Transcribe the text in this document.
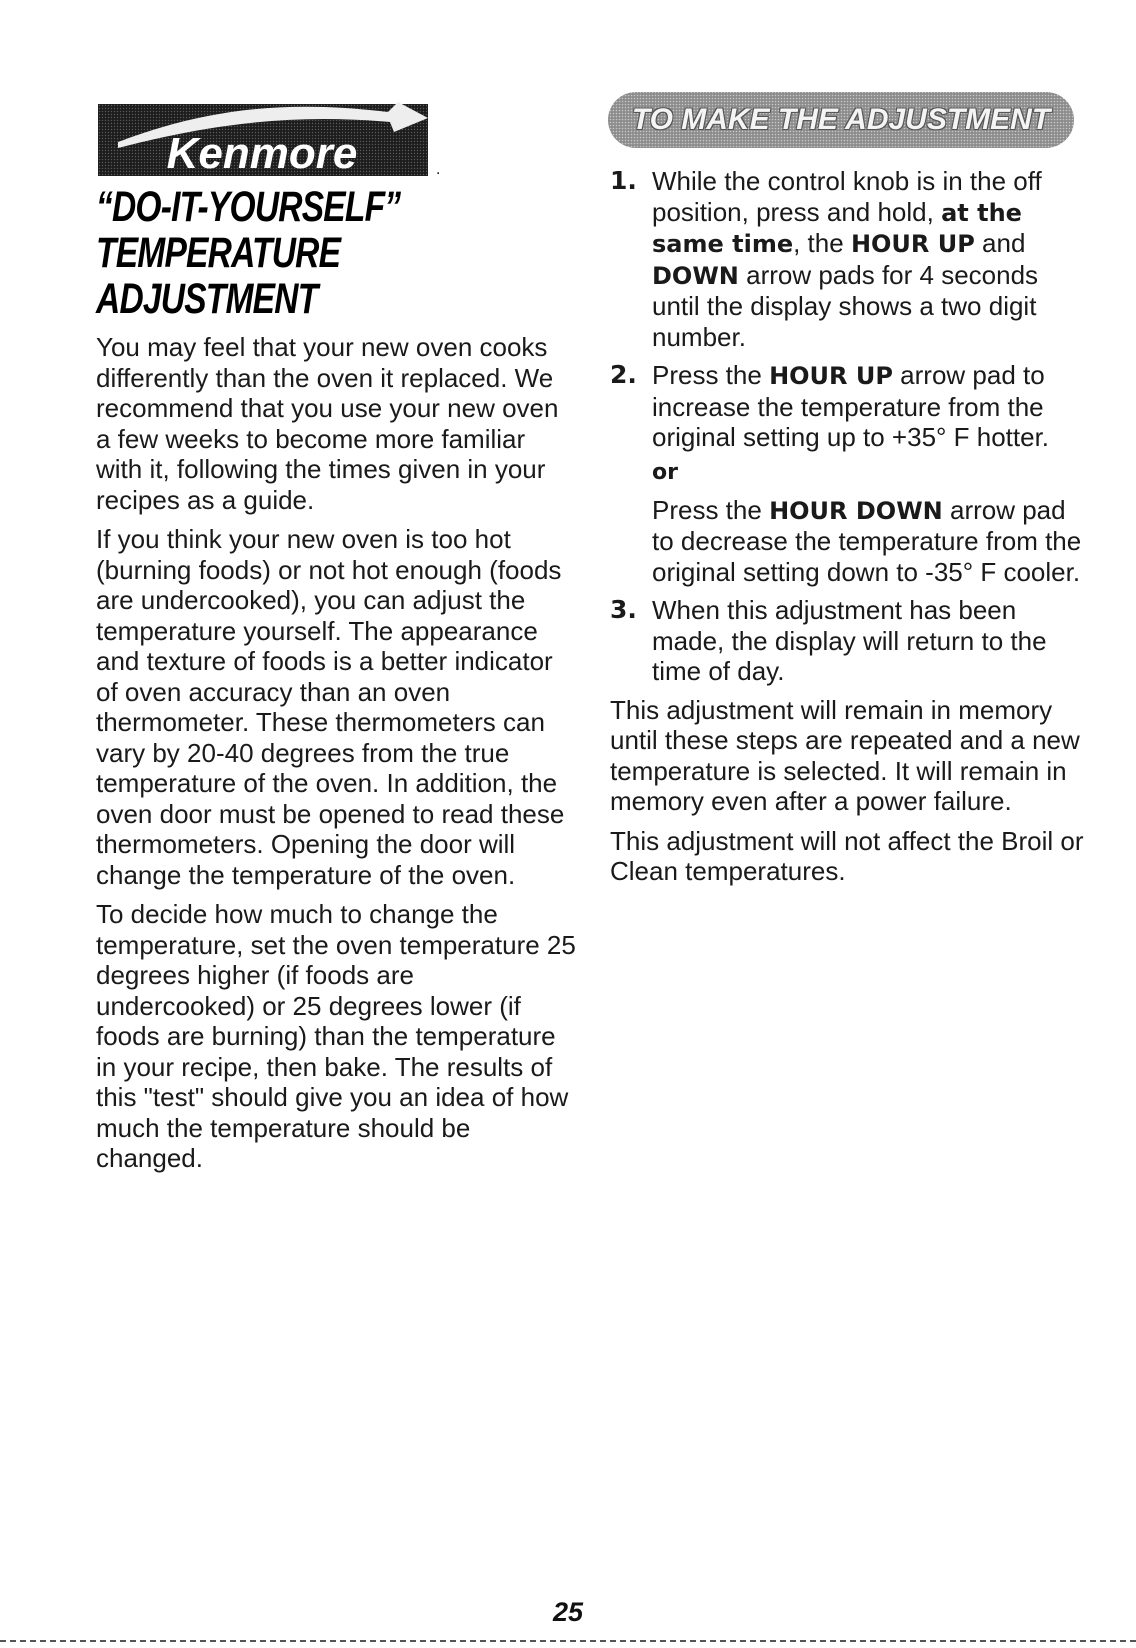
Kenmore	.
“DO-IT-YOURSELF”
TEMPERATURE
ADJUSTMENT

You may feel that your new oven cooks differently than the oven it replaced. We recommend that you use your new oven a few weeks to become more familiar with it, following the times given in your recipes as a guide.

If you think your new oven is too hot (burning foods) or not hot enough (foods are undercooked), you can adjust the temperature yourself. The appearance and texture of foods is a better indicator of oven accuracy than an oven thermometer. These thermometers can vary by 20-40 degrees from the true temperature of the oven. In addition, the oven door must be opened to read these thermometers. Opening the door will change the temperature of the oven.

To decide how much to change the temperature, set the oven temperature 25 degrees higher (if foods are undercooked) or 25 degrees lower (if foods are burning) than the temperature in your recipe, then bake. The results of this "test" should give you an idea of how much the temperature should be changed.

TO MAKE THE ADJUSTMENT
1. While the control knob is in the off position, press and hold, at the same time, the HOUR UP and DOWN arrow pads for 4 seconds until the display shows a two digit number.
2. Press the HOUR UP arrow pad to increase the temperature from the original setting up to +35° F hotter.
or
Press the HOUR DOWN arrow pad to decrease the temperature from the original setting down to -35° F cooler.
3. When this adjustment has been made, the display will return to the time of day.

This adjustment will remain in memory until these steps are repeated and a new temperature is selected. It will remain in memory even after a power failure.

This adjustment will not affect the Broil or Clean temperatures.

25
